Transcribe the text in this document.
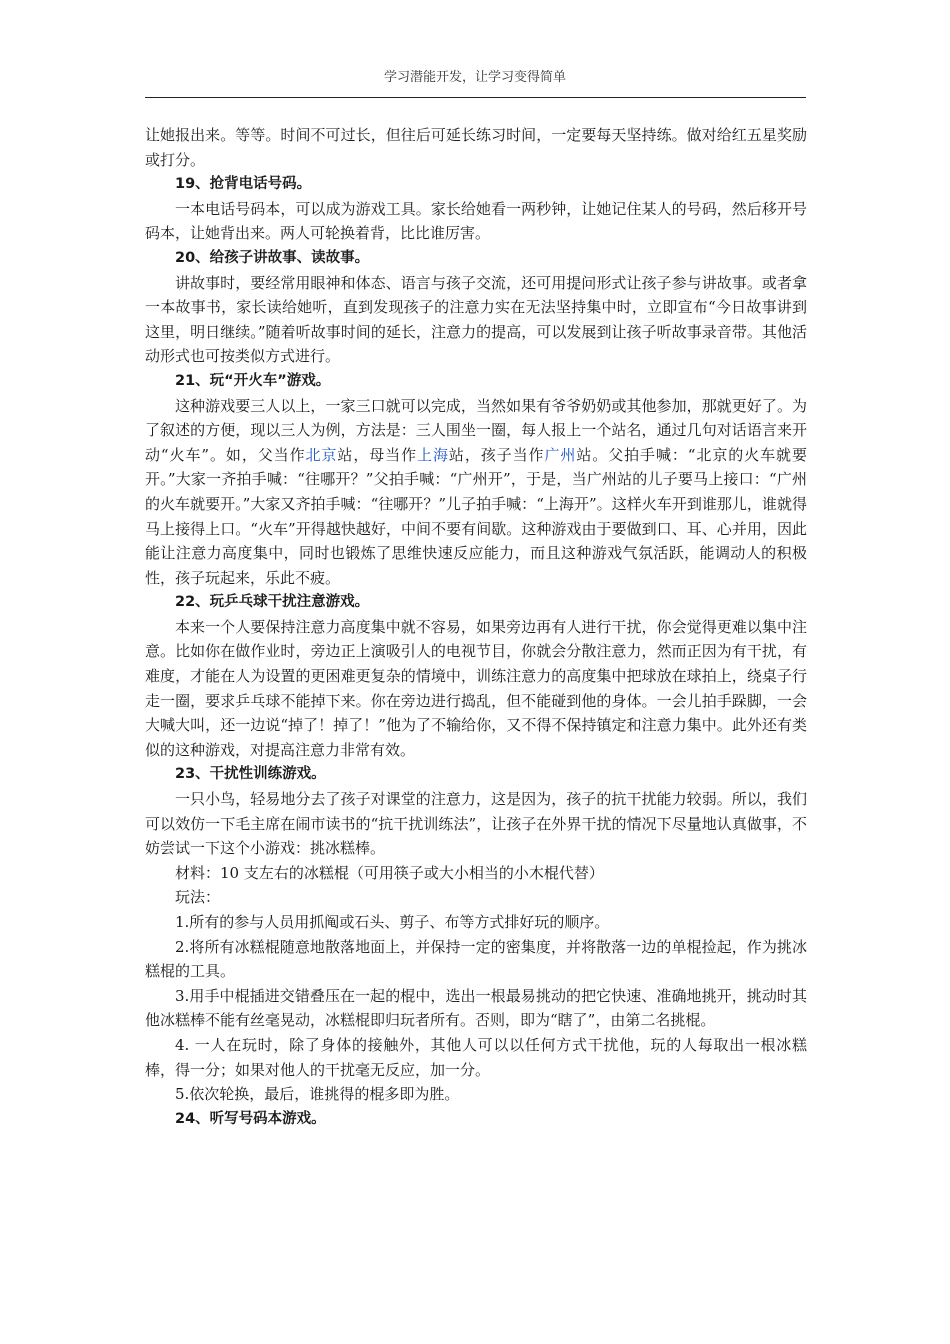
学习潜能开发，让学习变得简单

让她报出来。等等。时间不可过长，但往后可延长练习时间，一定要每天坚持练。做对给红五星奖励或打分。

19、抢背电话号码。

一本电话号码本，可以成为游戏工具。家长给她看一两秒钟，让她记住某人的号码，然后移开号码本，让她背出来。两人可轮换着背，比比谁厉害。

20、给孩子讲故事、读故事。

讲故事时，要经常用眼神和体态、语言与孩子交流，还可用提问形式让孩子参与讲故事。或者拿一本故事书，家长读给她听，直到发现孩子的注意力实在无法坚持集中时，立即宣布“今日故事讲到这里，明日继续。”随着听故事时间的延长，注意力的提高，可以发展到让孩子听故事录音带。其他活动形式也可按类似方式进行。

21、玩“开火车”游戏。

这种游戏要三人以上，一家三口就可以完成，当然如果有爷爷奶奶或其他参加，那就更好了。为了叙述的方便，现以三人为例，方法是：三人围坐一圈，每人报上一个站名，通过几句对话语言来开动“火车”。如，父当作北京站，母当作上海站，孩子当作广州站。父拍手喊：“北京的火车就要开。”大家一齐拍手喊：“往哪开？”父拍手喊：“广州开”，于是，当广州站的儿子要马上接口：“广州的火车就要开。”大家又齐拍手喊：“往哪开？”儿子拍手喊：“上海开”。这样火车开到谁那儿，谁就得马上接得上口。“火车”开得越快越好，中间不要有间歇。这种游戏由于要做到口、耳、心并用，因此能让注意力高度集中，同时也锻炼了思维快速反应能力，而且这种游戏气氛活跃，能调动人的积极性，孩子玩起来，乐此不疲。

22、玩乒乓球干扰注意游戏。

本来一个人要保持注意力高度集中就不容易，如果旁边再有人进行干扰，你会觉得更难以集中注意。比如你在做作业时，旁边正上演吸引人的电视节目，你就会分散注意力，然而正因为有干扰，有难度，才能在人为设置的更困难更复杂的情境中，训练注意力的高度集中把球放在球拍上，绕桌子行走一圈，要求乒乓球不能掉下来。你在旁边进行捣乱，但不能碰到他的身体。一会儿拍手跺脚，一会大喊大叫，还一边说“掉了！掉了！”他为了不输给你，又不得不保持镇定和注意力集中。此外还有类似的这种游戏，对提高注意力非常有效。

23、干扰性训练游戏。

一只小鸟，轻易地分去了孩子对课堂的注意力，这是因为，孩子的抗干扰能力较弱。所以，我们可以效仿一下毛主席在闹市读书的“抗干扰训练法”，让孩子在外界干扰的情况下尽量地认真做事，不妨尝试一下这个小游戏：挑冰糕棒。

材料：10 支左右的冰糕棍（可用筷子或大小相当的小木棍代替）

玩法：

1.所有的参与人员用抓阄或石头、剪子、布等方式排好玩的顺序。

2.将所有冰糕棍随意地散落地面上，并保持一定的密集度，并将散落一边的单棍捡起，作为挑冰糕棍的工具。

3.用手中棍插进交错叠压在一起的棍中，选出一根最易挑动的把它快速、准确地挑开，挑动时其他冰糕棒不能有丝毫晃动，冰糕棍即归玩者所有。否则，即为“瞎了”，由第二名挑棍。

4. 一人在玩时，除了身体的接触外，其他人可以以任何方式干扰他，玩的人每取出一根冰糕棒，得一分；如果对他人的干扰毫无反应，加一分。

5.依次轮换，最后，谁挑得的棍多即为胜。

24、听写号码本游戏。
